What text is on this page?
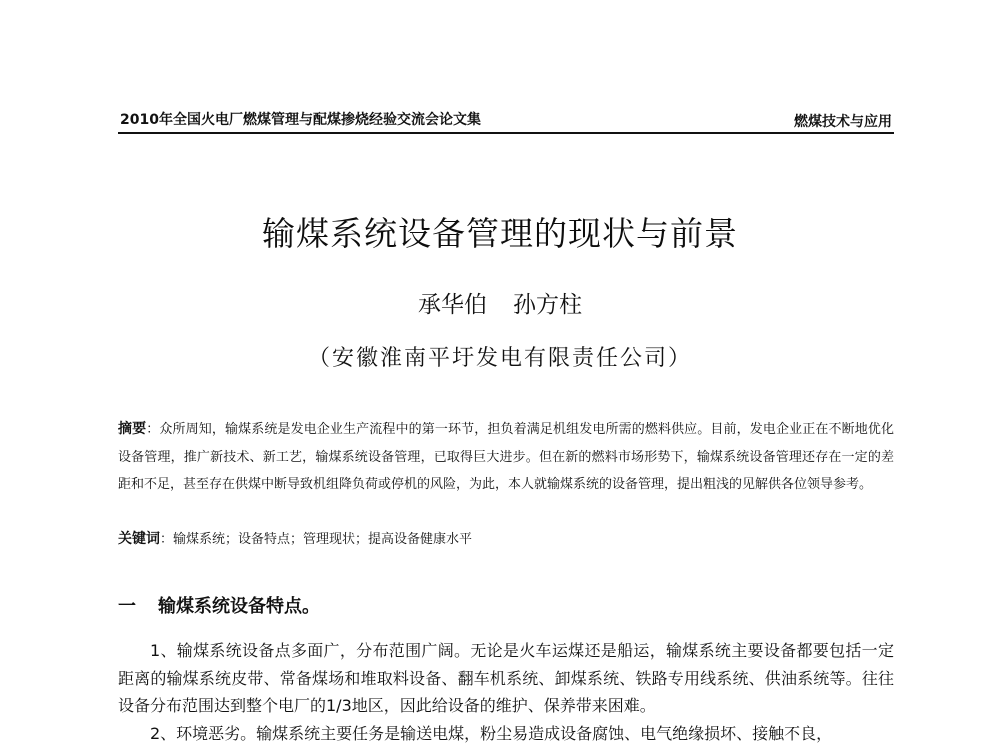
2010年全国火电厂燃煤管理与配煤掺烧经验交流会论文集	燃煤技术与应用
输煤系统设备管理的现状与前景
承华伯 孙方柱
（安徽淮南平圩发电有限责任公司）
摘要：众所周知，输煤系统是发电企业生产流程中的第一环节，担负着满足机组发电所需的燃料供应。目前，发电企业正在不断地优化设备管理，推广新技术、新工艺，输煤系统设备管理，已取得巨大进步。但在新的燃料市场形势下，输煤系统设备管理还存在一定的差距和不足，甚至存在供煤中断导致机组降负荷或停机的风险，为此，本人就输煤系统的设备管理，提出粗浅的见解供各位领导参考。
关键词：输煤系统；设备特点；管理现状；提高设备健康水平
一 输煤系统设备特点。

1、输煤系统设备点多面广，分布范围广阔。无论是火车运煤还是船运，输煤系统主要设备都要包括一定距离的输煤系统皮带、常备煤场和堆取料设备、翻车机系统、卸煤系统、铁路专用线系统、供油系统等。往往设备分布范围达到整个电厂的1/3地区，因此给设备的维护、保养带来困难。

2、环境恶劣。输煤系统主要任务是输送电煤，粉尘易造成设备腐蚀、电气绝缘损坏、接触不良，
